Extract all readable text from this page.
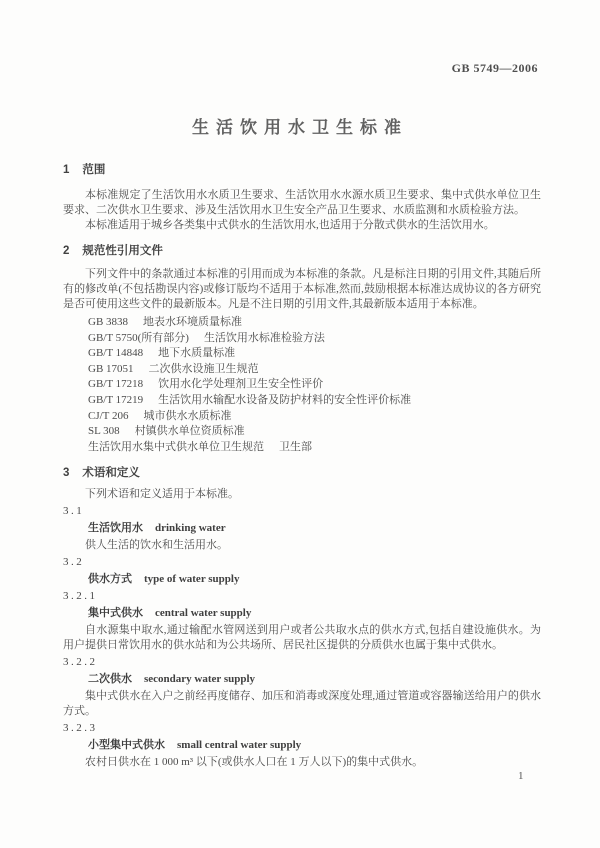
GB 5749—2006
生活饮用水卫生标准
1 范围

本标准规定了生活饮用水水质卫生要求、生活饮用水水源水质卫生要求、集中式供水单位卫生要求、二次供水卫生要求、涉及生活饮用水卫生安全产品卫生要求、水质监测和水质检验方法。

本标准适用于城乡各类集中式供水的生活饮用水,也适用于分散式供水的生活饮用水。

2 规范性引用文件

下列文件中的条款通过本标准的引用而成为本标准的条款。凡是标注日期的引用文件,其随后所有的修改单(不包括勘误内容)或修订版均不适用于本标准,然而,鼓励根据本标准达成协议的各方研究是否可使用这些文件的最新版本。凡是不注日期的引用文件,其最新版本适用于本标准。

GB 3838 地表水环境质量标准
GB/T 5750(所有部分) 生活饮用水标准检验方法
GB/T 14848 地下水质量标准
GB 17051 二次供水设施卫生规范
GB/T 17218 饮用水化学处理剂卫生安全性评价
GB/T 17219 生活饮用水输配水设备及防护材料的安全性评价标准
CJ/T 206 城市供水水质标准
SL 308 村镇供水单位资质标准
生活饮用水集中式供水单位卫生规范 卫生部
3 术语和定义

下列术语和定义适用于本标准。

3.1
生活饮用水 drinking water

供人生活的饮水和生活用水。

3.2
供水方式 type of water supply
3.2.1
集中式供水 central water supply

自水源集中取水,通过输配水管网送到用户或者公共取水点的供水方式,包括自建设施供水。为用户提供日常饮用水的供水站和为公共场所、居民社区提供的分质供水也属于集中式供水。

3.2.2
二次供水 secondary water supply

集中式供水在入户之前经再度储存、加压和消毒或深度处理,通过管道或容器输送给用户的供水方式。

3.2.3
小型集中式供水 small central water supply

农村日供水在 1 000 m³ 以下(或供水人口在 1 万人以下)的集中式供水。

1
